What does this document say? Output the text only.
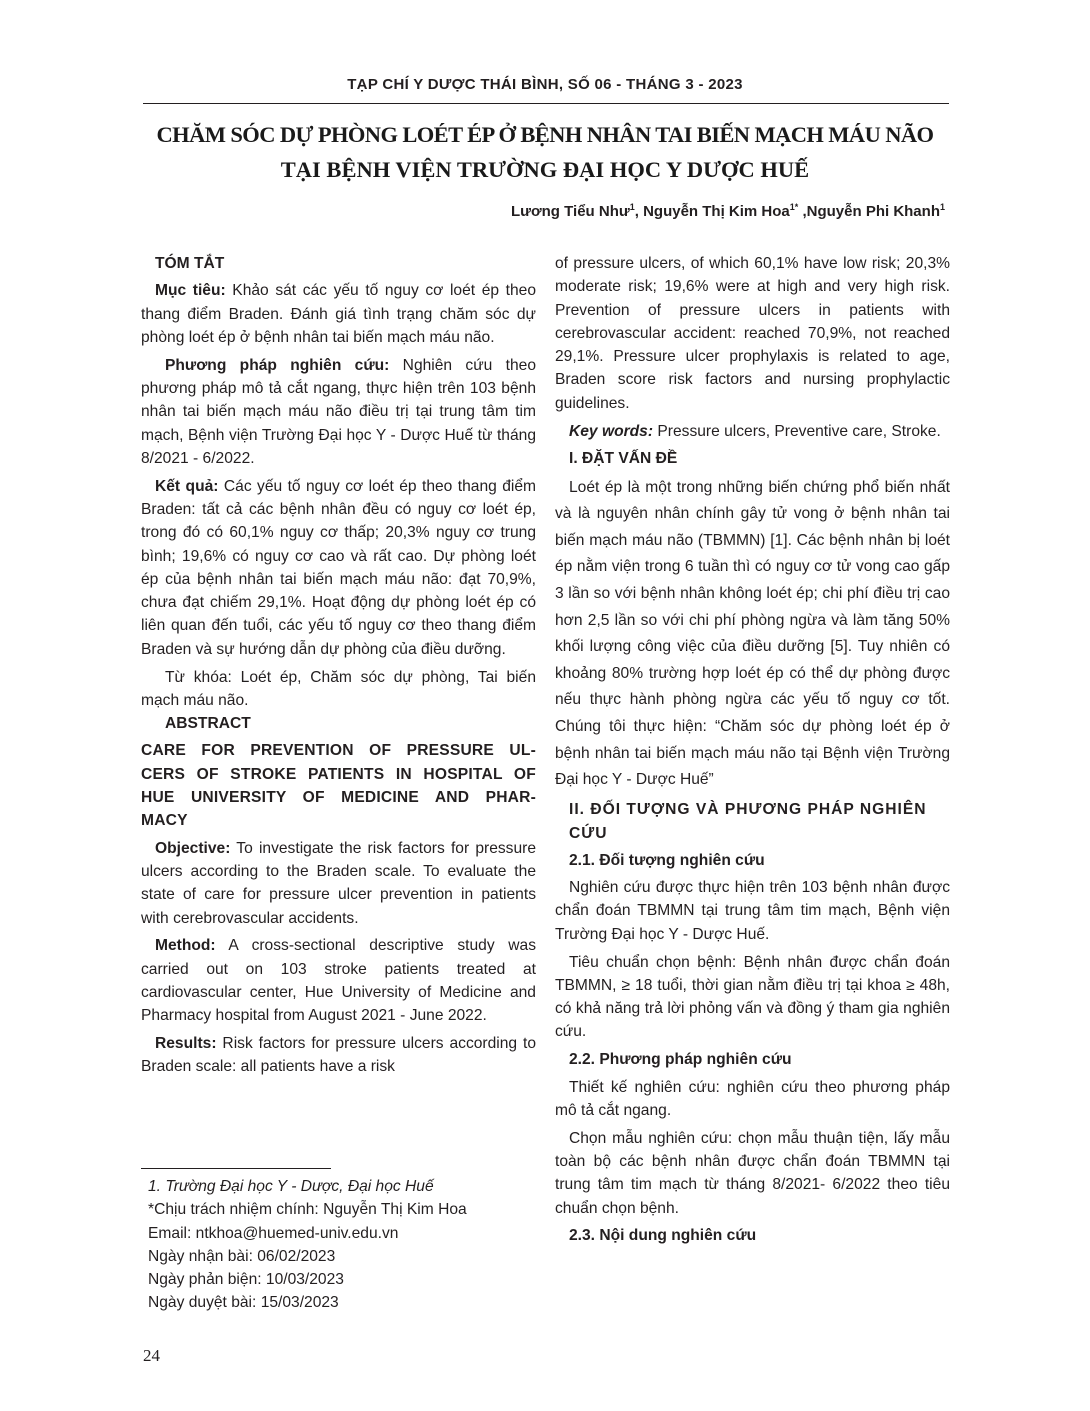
TẠP CHÍ Y DƯỢC THÁI BÌNH, SỐ 06 - THÁNG 3 - 2023
CHĂM SÓC DỰ PHÒNG LOÉT ÉP Ở BỆNH NHÂN TAI BIẾN MẠCH MÁU NÃO
TẠI BỆNH VIỆN TRƯỜNG ĐẠI HỌC Y DƯỢC HUẾ
Lương Tiểu Như$^1$, Nguyễn Thị Kim Hoa$^{1*}$ ,Nguyễn Phi Khanh$^1$
TÓM TẮT

Mục tiêu: Khảo sát các yếu tố nguy cơ loét ép theo thang điểm Braden. Đánh giá tình trạng chăm sóc dự phòng loét ép ở bệnh nhân tai biến mạch máu não.

Phương pháp nghiên cứu: Nghiên cứu theo phương pháp mô tả cắt ngang, thực hiện trên 103 bệnh nhân tai biến mạch máu não điều trị tại trung tâm tim mạch, Bệnh viện Trường Đại học Y - Dược Huế từ tháng 8/2021 - 6/2022.

Kết quả: Các yếu tố nguy cơ loét ép theo thang điểm Braden: tất cả các bệnh nhân đều có nguy cơ loét ép, trong đó có 60,1% nguy cơ thấp; 20,3% nguy cơ trung bình; 19,6% có nguy cơ cao và rất cao. Dự phòng loét ép của bệnh nhân tai biến mạch máu não: đạt 70,9%, chưa đạt chiếm 29,1%. Hoạt động dự phòng loét ép có liên quan đến tuổi, các yếu tố nguy cơ theo thang điểm Braden và sự hướng dẫn dự phòng của điều dưỡng.

Từ khóa: Loét ép, Chăm sóc dự phòng, Tai biến mạch máu não.

ABSTRACT
CARE FOR PREVENTION OF PRESSURE UL-
CERS OF STROKE PATIENTS IN HOSPITAL OF
HUE UNIVERSITY OF MEDICINE AND PHAR-
MACY

Objective: To investigate the risk factors for pressure ulcers according to the Braden scale. To evaluate the state of care for pressure ulcer prevention in patients with cerebrovascular accidents.

Method: A cross-sectional descriptive study was carried out on 103 stroke patients treated at cardiovascular center, Hue University of Medicine and Pharmacy hospital from August 2021 - June 2022.

Results: Risk factors for pressure ulcers according to Braden scale: all patients have a risk

1. Trường Đại học Y - Dược, Đại học Huế
*Chịu trách nhiệm chính: Nguyễn Thị Kim Hoa
Email: ntkhoa@huemed-univ.edu.vn
Ngày nhận bài: 06/02/2023
Ngày phản biện: 10/03/2023
Ngày duyệt bài: 15/03/2023

of pressure ulcers, of which 60,1% have low risk; 20,3% moderate risk; 19,6% were at high and very high risk. Prevention of pressure ulcers in patients with cerebrovascular accident: reached 70,9%, not reached 29,1%. Pressure ulcer prophylaxis is related to age, Braden score risk factors and nursing prophylactic guidelines.

Key words: Pressure ulcers, Preventive care, Stroke.

I. ĐẶT VẤN ĐỀ

Loét ép là một trong những biến chứng phổ biến nhất và là nguyên nhân chính gây tử vong ở bệnh nhân tai biến mạch máu não (TBMMN) [1]. Các bệnh nhân bị loét ép nằm viện trong 6 tuần thì có nguy cơ tử vong cao gấp 3 lần so với bệnh nhân không loét ép; chi phí điều trị cao hơn 2,5 lần so với chi phí phòng ngừa và làm tăng 50% khối lượng công việc của điều dưỡng [5]. Tuy nhiên có khoảng 80% trường hợp loét ép có thể dự phòng được nếu thực hành phòng ngừa các yếu tố nguy cơ tốt. Chúng tôi thực hiện: “Chăm sóc dự phòng loét ép ở bệnh nhân tai biến mạch máu não tại Bệnh viện Trường Đại học Y - Dược Huế”

II. ĐỐI TƯỢNG VÀ PHƯƠNG PHÁP NGHIÊN CỨU
2.1. Đối tượng nghiên cứu

Nghiên cứu được thực hiện trên 103 bệnh nhân được chẩn đoán TBMMN tại trung tâm tim mạch, Bệnh viện Trường Đại học Y - Dược Huế.

Tiêu chuẩn chọn bệnh: Bệnh nhân được chẩn đoán TBMMN, ≥ 18 tuổi, thời gian nằm điều trị tại khoa ≥ 48h, có khả năng trả lời phỏng vấn và đồng ý tham gia nghiên cứu.

2.2. Phương pháp nghiên cứu

Thiết kế nghiên cứu: nghiên cứu theo phương pháp mô tả cắt ngang.

Chọn mẫu nghiên cứu: chọn mẫu thuận tiện, lấy mẫu toàn bộ các bệnh nhân được chẩn đoán TBMMN tại trung tâm tim mạch từ tháng 8/2021- 6/2022 theo tiêu chuẩn chọn bệnh.

2.3. Nội dung nghiên cứu
24
